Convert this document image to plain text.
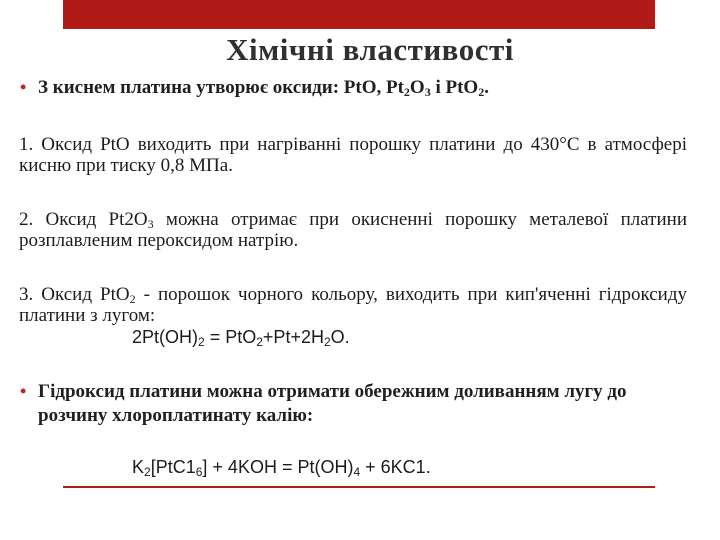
Хімічні властивості
• З киснем платина утворює оксиди: PtO, $Pt_2O_3$ і PtO$_2$.
1. Оксид PtO виходить при нагріванні порошку платини до 430°C в атмосфері кисню при тиску 0,8 МПа.
2. Оксид $Pt2O_3$ можна отримає при окисненні порошку металевої платини розплавленим пероксидом натрію.
3. Оксид PtO$_2$ - порошок чорного кольору, виходить при кип'яченні гідроксиду платини з лугом:
$2Pt(OH)_2 = PtO_2+Pt+2H_2O$.
• Гідроксид платини можна отримати обережним доливанням лугу до розчину хлороплатинату калію:
$K_2[PtC1_6] + 4KOH = Pt(OH)_4 + 6KC1$.
